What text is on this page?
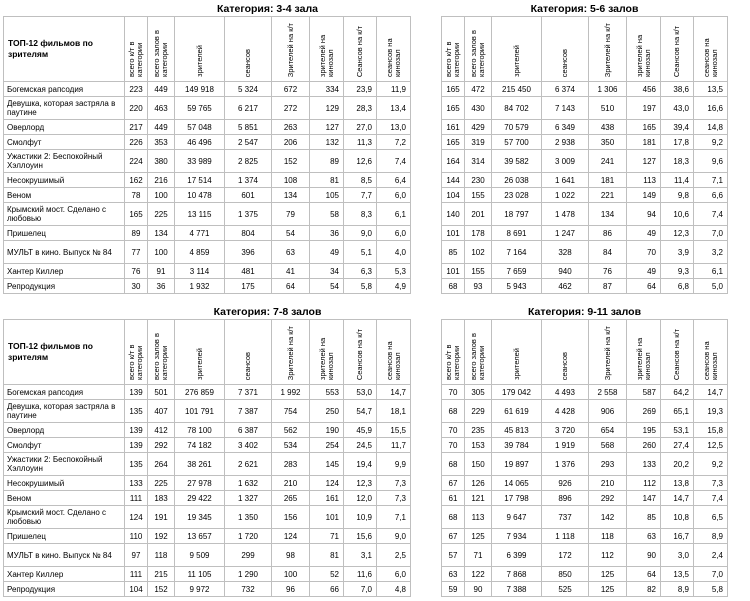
	Категория: 3-4 зала							
ТОП-12 фильмов по зрителям	всего к/т в категории	всего залов в категории	зрителей	сеансов	Зрителей на к/т	зрителей на кинозал	Сеансов на к/т	сеансов на кинозал
Богемская рапсодия	223	449	149 918	5 324	672	334	23,9	11,9
Девушка, которая застряла в паутине	220	463	59 765	6 217	272	129	28,3	13,4
Оверлорд	217	449	57 048	5 851	263	127	27,0	13,0
Смолфут	226	353	46 496	2 547	206	132	11,3	7,2
Ужастики 2: Беспокойный Хэллоуин	224	380	33 989	2 825	152	89	12,6	7,4
Несокрушимый	162	216	17 514	1 374	108	81	8,5	6,4
Веном	78	100	10 478	601	134	105	7,7	6,0
Крымский мост. Сделано с любовью	165	225	13 115	1 375	79	58	8,3	6,1
Пришелец	89	134	4 771	804	54	36	9,0	6,0
МУЛЬТ в кино. Выпуск № 84	77	100	4 859	396	63	49	5,1	4,0
Хантер Киллер	76	91	3 114	481	41	34	6,3	5,3
Репродукция	30	36	1 932	175	64	54	5,8	4,9
Категория: 5-6 залов							
всего к/т в категории	всего залов в категории	зрителей	сеансов	Зрителей на к/т	зрителей на кинозал	Сеансов на к/т	сеансов на кинозал
165	472	215 450	6 374	1 306	456	38,6	13,5
165	430	84 702	7 143	510	197	43,0	16,6
161	429	70 579	6 349	438	165	39,4	14,8
165	319	57 700	2 938	350	181	17,8	9,2
164	314	39 582	3 009	241	127	18,3	9,6
144	230	26 038	1 641	181	113	11,4	7,1
104	155	23 028	1 022	221	149	9,8	6,6
140	201	18 797	1 478	134	94	10,6	7,4
101	178	8 691	1 247	86	49	12,3	7,0
85	102	7 164	328	84	70	3,9	3,2
101	155	7 659	940	76	49	9,3	6,1
68	93	5 943	462	87	64	6,8	5,0
	Категория: 7-8 залов							
ТОП-12 фильмов по зрителям	всего к/т в категории	всего залов в категории	зрителей	сеансов	Зрителей на к/т	зрителей на кинозал	Сеансов на к/т	сеансов на кинозал
Богемская рапсодия	139	501	276 859	7 371	1 992	553	53,0	14,7
Девушка, которая застряла в паутине	135	407	101 791	7 387	754	250	54,7	18,1
Оверлорд	139	412	78 100	6 387	562	190	45,9	15,5
Смолфут	139	292	74 182	3 402	534	254	24,5	11,7
Ужастики 2: Беспокойный Хэллоуин	135	264	38 261	2 621	283	145	19,4	9,9
Несокрушимый	133	225	27 978	1 632	210	124	12,3	7,3
Веном	111	183	29 422	1 327	265	161	12,0	7,3
Крымский мост. Сделано с любовью	124	191	19 345	1 350	156	101	10,9	7,1
Пришелец	110	192	13 657	1 720	124	71	15,6	9,0
МУЛЬТ в кино. Выпуск № 84	97	118	9 509	299	98	81	3,1	2,5
Хантер Киллер	111	215	11 105	1 290	100	52	11,6	6,0
Репродукция	104	152	9 972	732	96	66	7,0	4,8
Категория: 9-11 залов							
всего к/т в категории	всего залов в категории	зрителей	сеансов	Зрителей на к/т	зрителей на кинозал	Сеансов на к/т	сеансов на кинозал
70	305	179 042	4 493	2 558	587	64,2	14,7
68	229	61 619	4 428	906	269	65,1	19,3
70	235	45 813	3 720	654	195	53,1	15,8
70	153	39 784	1 919	568	260	27,4	12,5
68	150	19 897	1 376	293	133	20,2	9,2
67	126	14 065	926	210	112	13,8	7,3
61	121	17 798	896	292	147	14,7	7,4
68	113	9 647	737	142	85	10,8	6,5
67	125	7 934	1 118	118	63	16,7	8,9
57	71	6 399	172	112	90	3,0	2,4
63	122	7 868	850	125	64	13,5	7,0
59	90	7 388	525	125	82	8,9	5,8
